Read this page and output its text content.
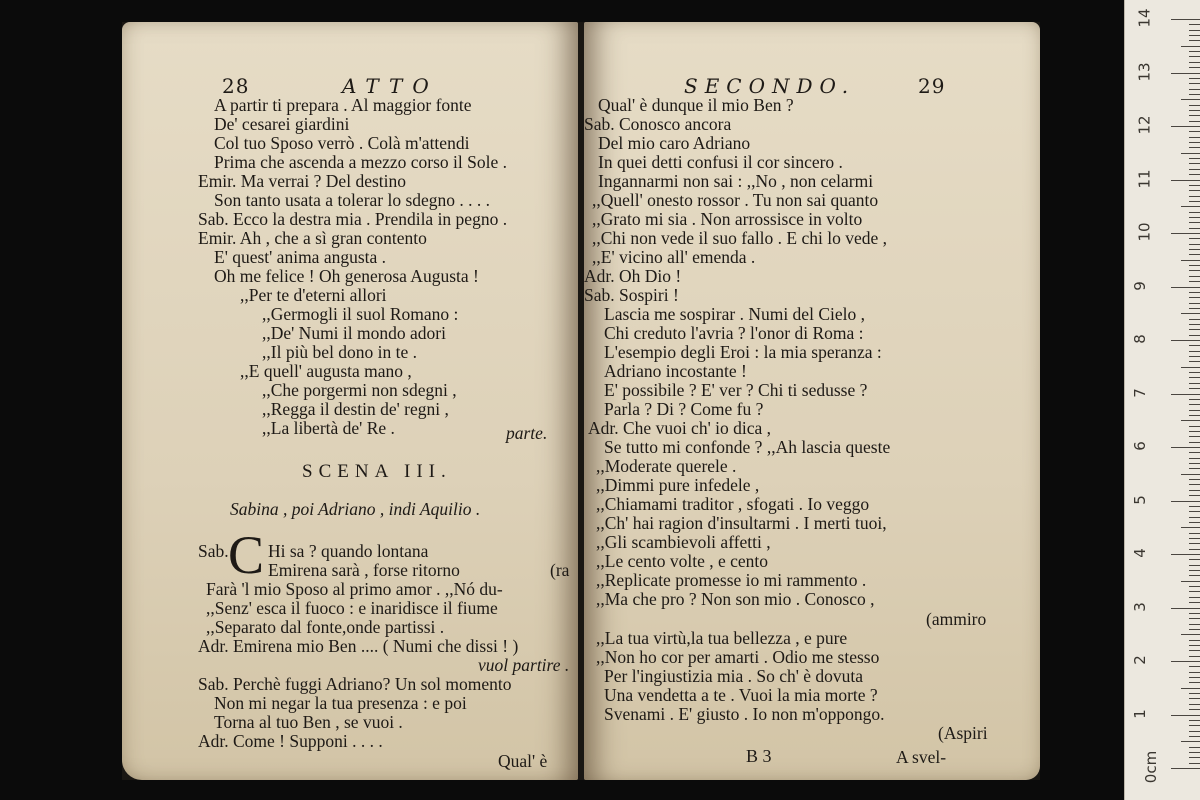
28	ATTO
A partir ti prepara . Al maggior fonte
De' cesarei giardini
Col tuo Sposo verrò . Colà m'attendi
Prima che ascenda a mezzo corso il Sole .
Emir. Ma verrai ? Del destino
Son tanto usata a tolerar lo sdegno . . . .
Sab. Ecco la destra mia . Prendila in pegno .
Emir. Ah , che a sì gran contento
E' quest' anima angusta .
Oh me felice ! Oh generosa Augusta !
,,Per te d'eterni allori
,,Germogli il suol Romano :
,,De' Numi il mondo adori
,,Il più bel dono in te .
,,E quell' augusta mano ,
,,Che porgermi non sdegni ,
,,Regga il destin de' regni ,
,,La libertà de' Re .	parte.
SCENA III.
Sabina , poi Adriano , indi Aquilio .
Sab. C Hi sa ? quando lontana
Emirena sarà , forse ritorno	(ra
Farà 'l mio Sposo al primo amor . ,,Nó du-
,,Senz' esca il fuoco : e inaridisce il fiume
,,Separato dal fonte,onde partissi .
Adr. Emirena mio Ben .... ( Numi che dissi ! )
vuol partire .
Sab. Perchè fuggi Adriano? Un sol momento
Non mi negar la tua presenza : e poi
Torna al tuo Ben , se vuoi .
Adr. Come ! Supponi . . . .
Qual' è
SECONDO.	29
Qual' è dunque il mio Ben ?
Sab. Conosco ancora
Del mio caro Adriano
In quei detti confusi il cor sincero .
Ingannarmi non sai : ,,No , non celarmi
,,Quell' onesto rossor . Tu non sai quanto
,,Grato mi sia . Non arrossisce in volto
,,Chi non vede il suo fallo . E chi lo vede ,
,,E' vicino all' emenda .
Adr. Oh Dio !
Sab. Sospiri !
Lascia me sospirar . Numi del Cielo ,
Chi creduto l'avria ? l'onor di Roma :
L'esempio degli Eroi : la mia speranza :
Adriano incostante !
E' possibile ? E' ver ? Chi ti sedusse ?
Parla ? Di ? Come fu ?
Adr. Che vuoi ch' io dica ,
Se tutto mi confonde ? ,,Ah lascia queste
,,Moderate querele .
,,Dimmi pure infedele ,
,,Chiamami traditor , sfogati . Io veggo
,,Ch' hai ragion d'insultarmi . I merti tuoi,
,,Gli scambievoli affetti ,
,,Le cento volte , e cento
,,Replicate promesse io mi rammento .
,,Ma che pro ? Non son mio . Conosco ,
(ammiro
,,La tua virtù,la tua bellezza , e pure
,,Non ho cor per amarti . Odio me stesso
Per l'ingiustizia mia . So ch' è dovuta
Una vendetta a te . Vuoi la mia morte ?
Svenami . E' giusto . Io non m'oppongo.
(Aspiri
B 3	A svel-	0cm
1
2
3
4
5
6
7
8
9
10
11
12
13
14
